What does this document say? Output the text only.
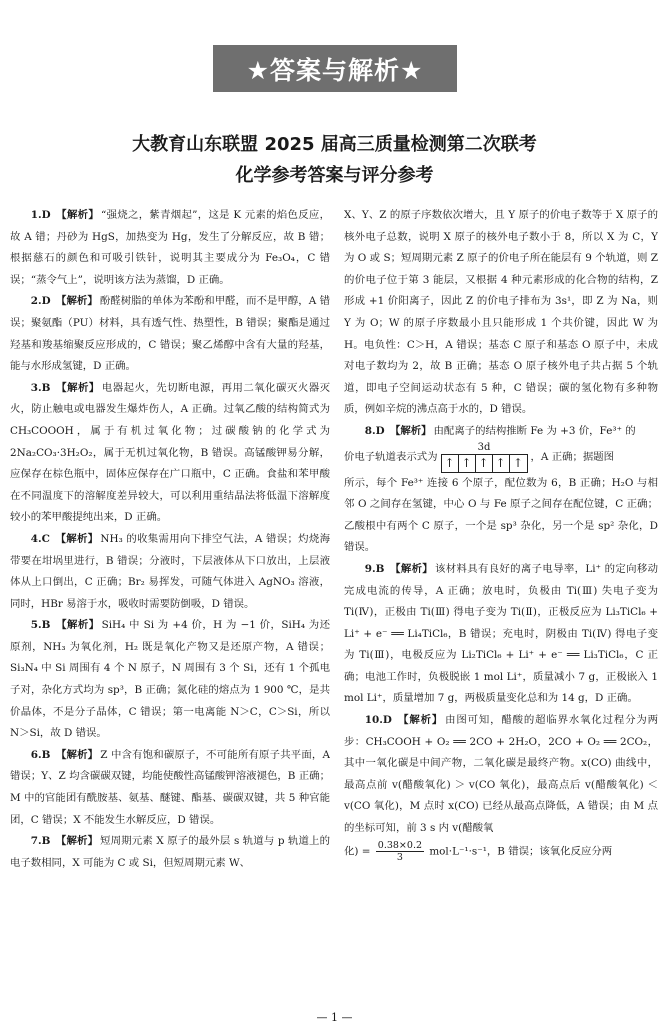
★答案与解析★
大教育山东联盟 2025 届高三质量检测第二次联考
化学参考答案与评分参考

1.D 【解析】 “强烧之，紫青烟起”，这是 K 元素的焰色反应，故 A 错；丹砂为 HgS，加热变为 Hg，发生了分解反应，故 B 错；根据慈石的颜色和可吸引铁针，说明其主要成分为 Fe₃O₄，C 错误；“蒸令气上”，说明该方法为蒸馏，D 正确。

2.D 【解析】 酚醛树脂的单体为苯酚和甲醛，而不是甲醇，A 错误；聚氨酯（PU）材料，具有透气性、热塑性，B 错误；聚酯是通过羟基和羧基缩聚反应形成的，C 错误；聚乙烯醇中含有大量的羟基，能与水形成氢键，D 正确。

3.B 【解析】 电器起火，先切断电源，再用二氧化碳灭火器灭火，防止触电或电器发生爆炸伤人，A 正确。过氧乙酸的结构简式为 CH₃COOOH，属于有机过氧化物；过碳酸钠的化学式为 2Na₂CO₃·3H₂O₂，属于无机过氧化物，B 错误。高锰酸钾易分解，应保存在棕色瓶中，固体应保存在广口瓶中，C 正确。食盐和苯甲酸在不同温度下的溶解度差异较大，可以利用重结晶法将低温下溶解度较小的苯甲酸提纯出来，D 正确。

4.C 【解析】 NH₃ 的收集需用向下排空气法，A 错误；灼烧海带要在坩埚里进行，B 错误；分液时，下层液体从下口放出，上层液体从上口倒出，C 正确；Br₂ 易挥发，可随气体进入 AgNO₃ 溶液，同时，HBr 易溶于水，吸收时需要防倒吸，D 错误。

5.B 【解析】 SiH₄ 中 Si 为 +4 价，H 为 −1 价，SiH₄ 为还原剂，NH₃ 为氧化剂，H₂ 既是氧化产物又是还原产物，A 错误；Si₃N₄ 中 Si 周围有 4 个 N 原子，N 周围有 3 个 Si，还有 1 个孤电子对，杂化方式均为 sp³，B 正确；氮化硅的熔点为 1 900 ℃，是共价晶体，不是分子晶体，C 错误；第一电离能 N＞C，C＞Si，所以 N＞Si，故 D 错误。

6.B 【解析】 Z 中含有饱和碳原子，不可能所有原子共平面，A 错误；Y、Z 均含碳碳双键，均能使酸性高锰酸钾溶液褪色，B 正确；M 中的官能团有酰胺基、氨基、醚键、酯基、碳碳双键，共 5 种官能团，C 错误；X 不能发生水解反应，D 错误。

7.B 【解析】 短周期元素 X 原子的最外层 s 轨道与 p 轨道上的电子数相同，X 可能为 C 或 Si，但短周期元素 W、

X、Y、Z 的原子序数依次增大，且 Y 原子的价电子数等于 X 原子的核外电子总数，说明 X 原子的核外电子数小于 8，所以 X 为 C，Y 为 O 或 S；短周期元素 Z 原子的价电子所在能层有 9 个轨道，则 Z 的价电子位于第 3 能层，又根据 4 种元素形成的化合物的结构，Z 形成 +1 价阳离子，因此 Z 的价电子排布为 3s¹，即 Z 为 Na，则 Y 为 O；W 的原子序数最小且只能形成 1 个共价键，因此 W 为 H。电负性：C＞H，A 错误；基态 C 原子和基态 O 原子中，未成对电子数均为 2，故 B 正确；基态 O 原子核外电子共占据 5 个轨道，即电子空间运动状态有 5 种，C 错误；碳的氢化物有多种物质，例如辛烷的沸点高于水的，D 错误。

8.D 【解析】 由配离子的结构推断 Fe 为 +3 价，Fe³⁺ 的

价电子轨道表示式为
3d
↑ ↑ ↑ ↑ ↑ ，A 正确；据题图

所示，每个 Fe³⁺ 连接 6 个原子，配位数为 6，B 正确；H₂O 与相邻 O 之间存在氢键，中心 O 与 Fe 原子之间存在配位键，C 正确；乙酸根中有两个 C 原子，一个是 sp³ 杂化，另一个是 sp² 杂化，D 错误。

9.B 【解析】 该材料具有良好的离子电导率，Li⁺ 的定向移动完成电流的传导，A 正确；放电时，负极由 Ti(Ⅲ) 失电子变为 Ti(Ⅳ)，正极由 Ti(Ⅲ) 得电子变为 Ti(Ⅱ)，正极反应为 Li₃TiCl₆ + Li⁺ + e⁻ ══ Li₄TiCl₆，B 错误；充电时，阴极由 Ti(Ⅳ) 得电子变为 Ti(Ⅲ)，电极反应为 Li₂TiCl₆ + Li⁺ + e⁻ ══ Li₃TiCl₆，C 正确；电池工作时，负极脱嵌 1 mol Li⁺，质量减小 7 g，正极嵌入 1 mol Li⁺，质量增加 7 g，两极质量变化总和为 14 g，D 正确。

10.D 【解析】 由图可知，醋酸的超临界水氧化过程分为两步：CH₃COOH + O₂ ══ 2CO + 2H₂O，2CO + O₂ ══ 2CO₂，其中一氧化碳是中间产物，二氧化碳是最终产物。x(CO) 曲线中，最高点前 v(醋酸氧化) ＞ v(CO 氧化)，最高点后 v(醋酸氧化) ＜ v(CO 氧化)，M 点时 x(CO) 已经从最高点降低，A 错误；由 M 点的坐标可知，前 3 s 内 v(醋酸氧

化) = $\frac{0.38\times 0.2}{3} mol\cdot L^{-1}\cdot s^{-1}$，B 错误；该氧化反应分两

— 1 —
